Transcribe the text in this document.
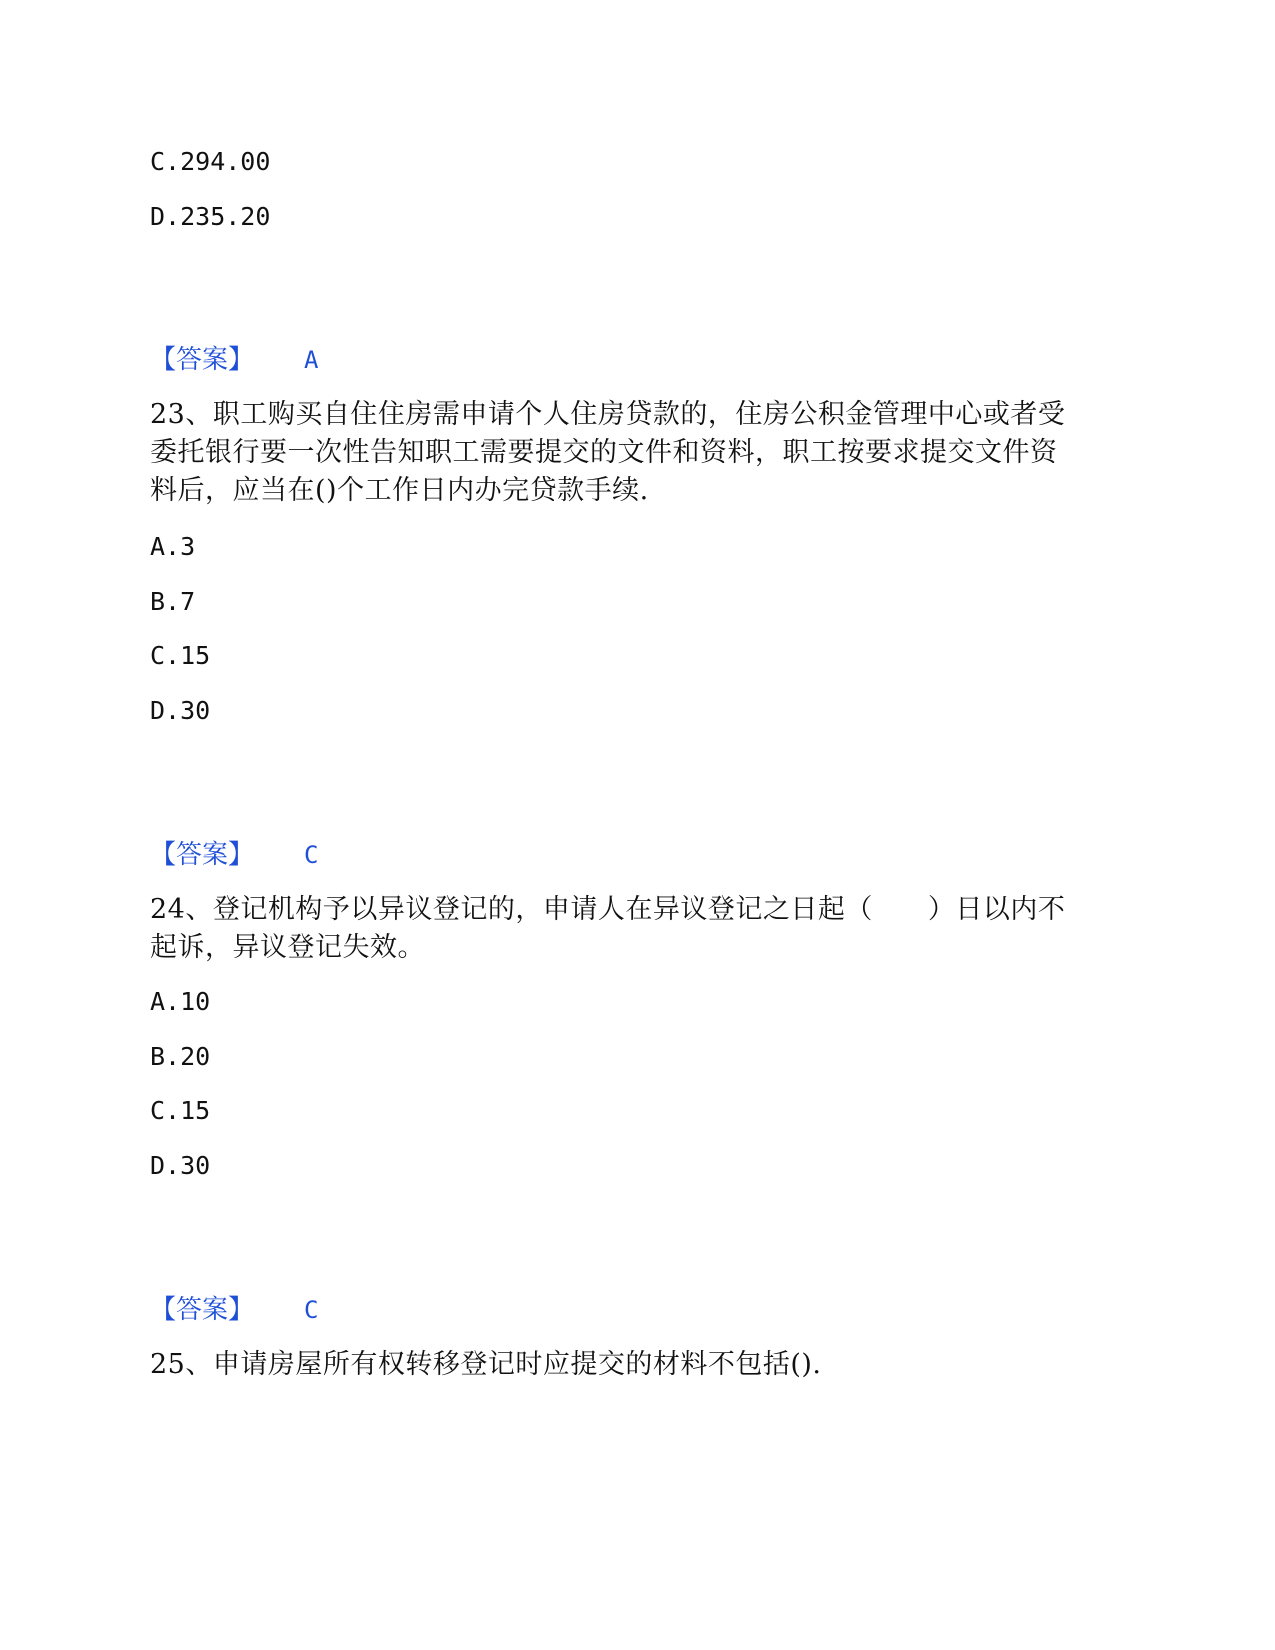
C.294.00
D.235.20
【答案】 A
23、职工购买自住住房需申请个人住房贷款的，住房公积金管理中心或者受
委托银行要一次性告知职工需要提交的文件和资料，职工按要求提交文件资
料后，应当在()个工作日内办完贷款手续.
A.3
B.7
C.15
D.30
【答案】 C
24、登记机构予以异议登记的，申请人在异议登记之日起（　　）日以内不
起诉，异议登记失效。
A.10
B.20
C.15
D.30
【答案】 C
25、申请房屋所有权转移登记时应提交的材料不包括().
